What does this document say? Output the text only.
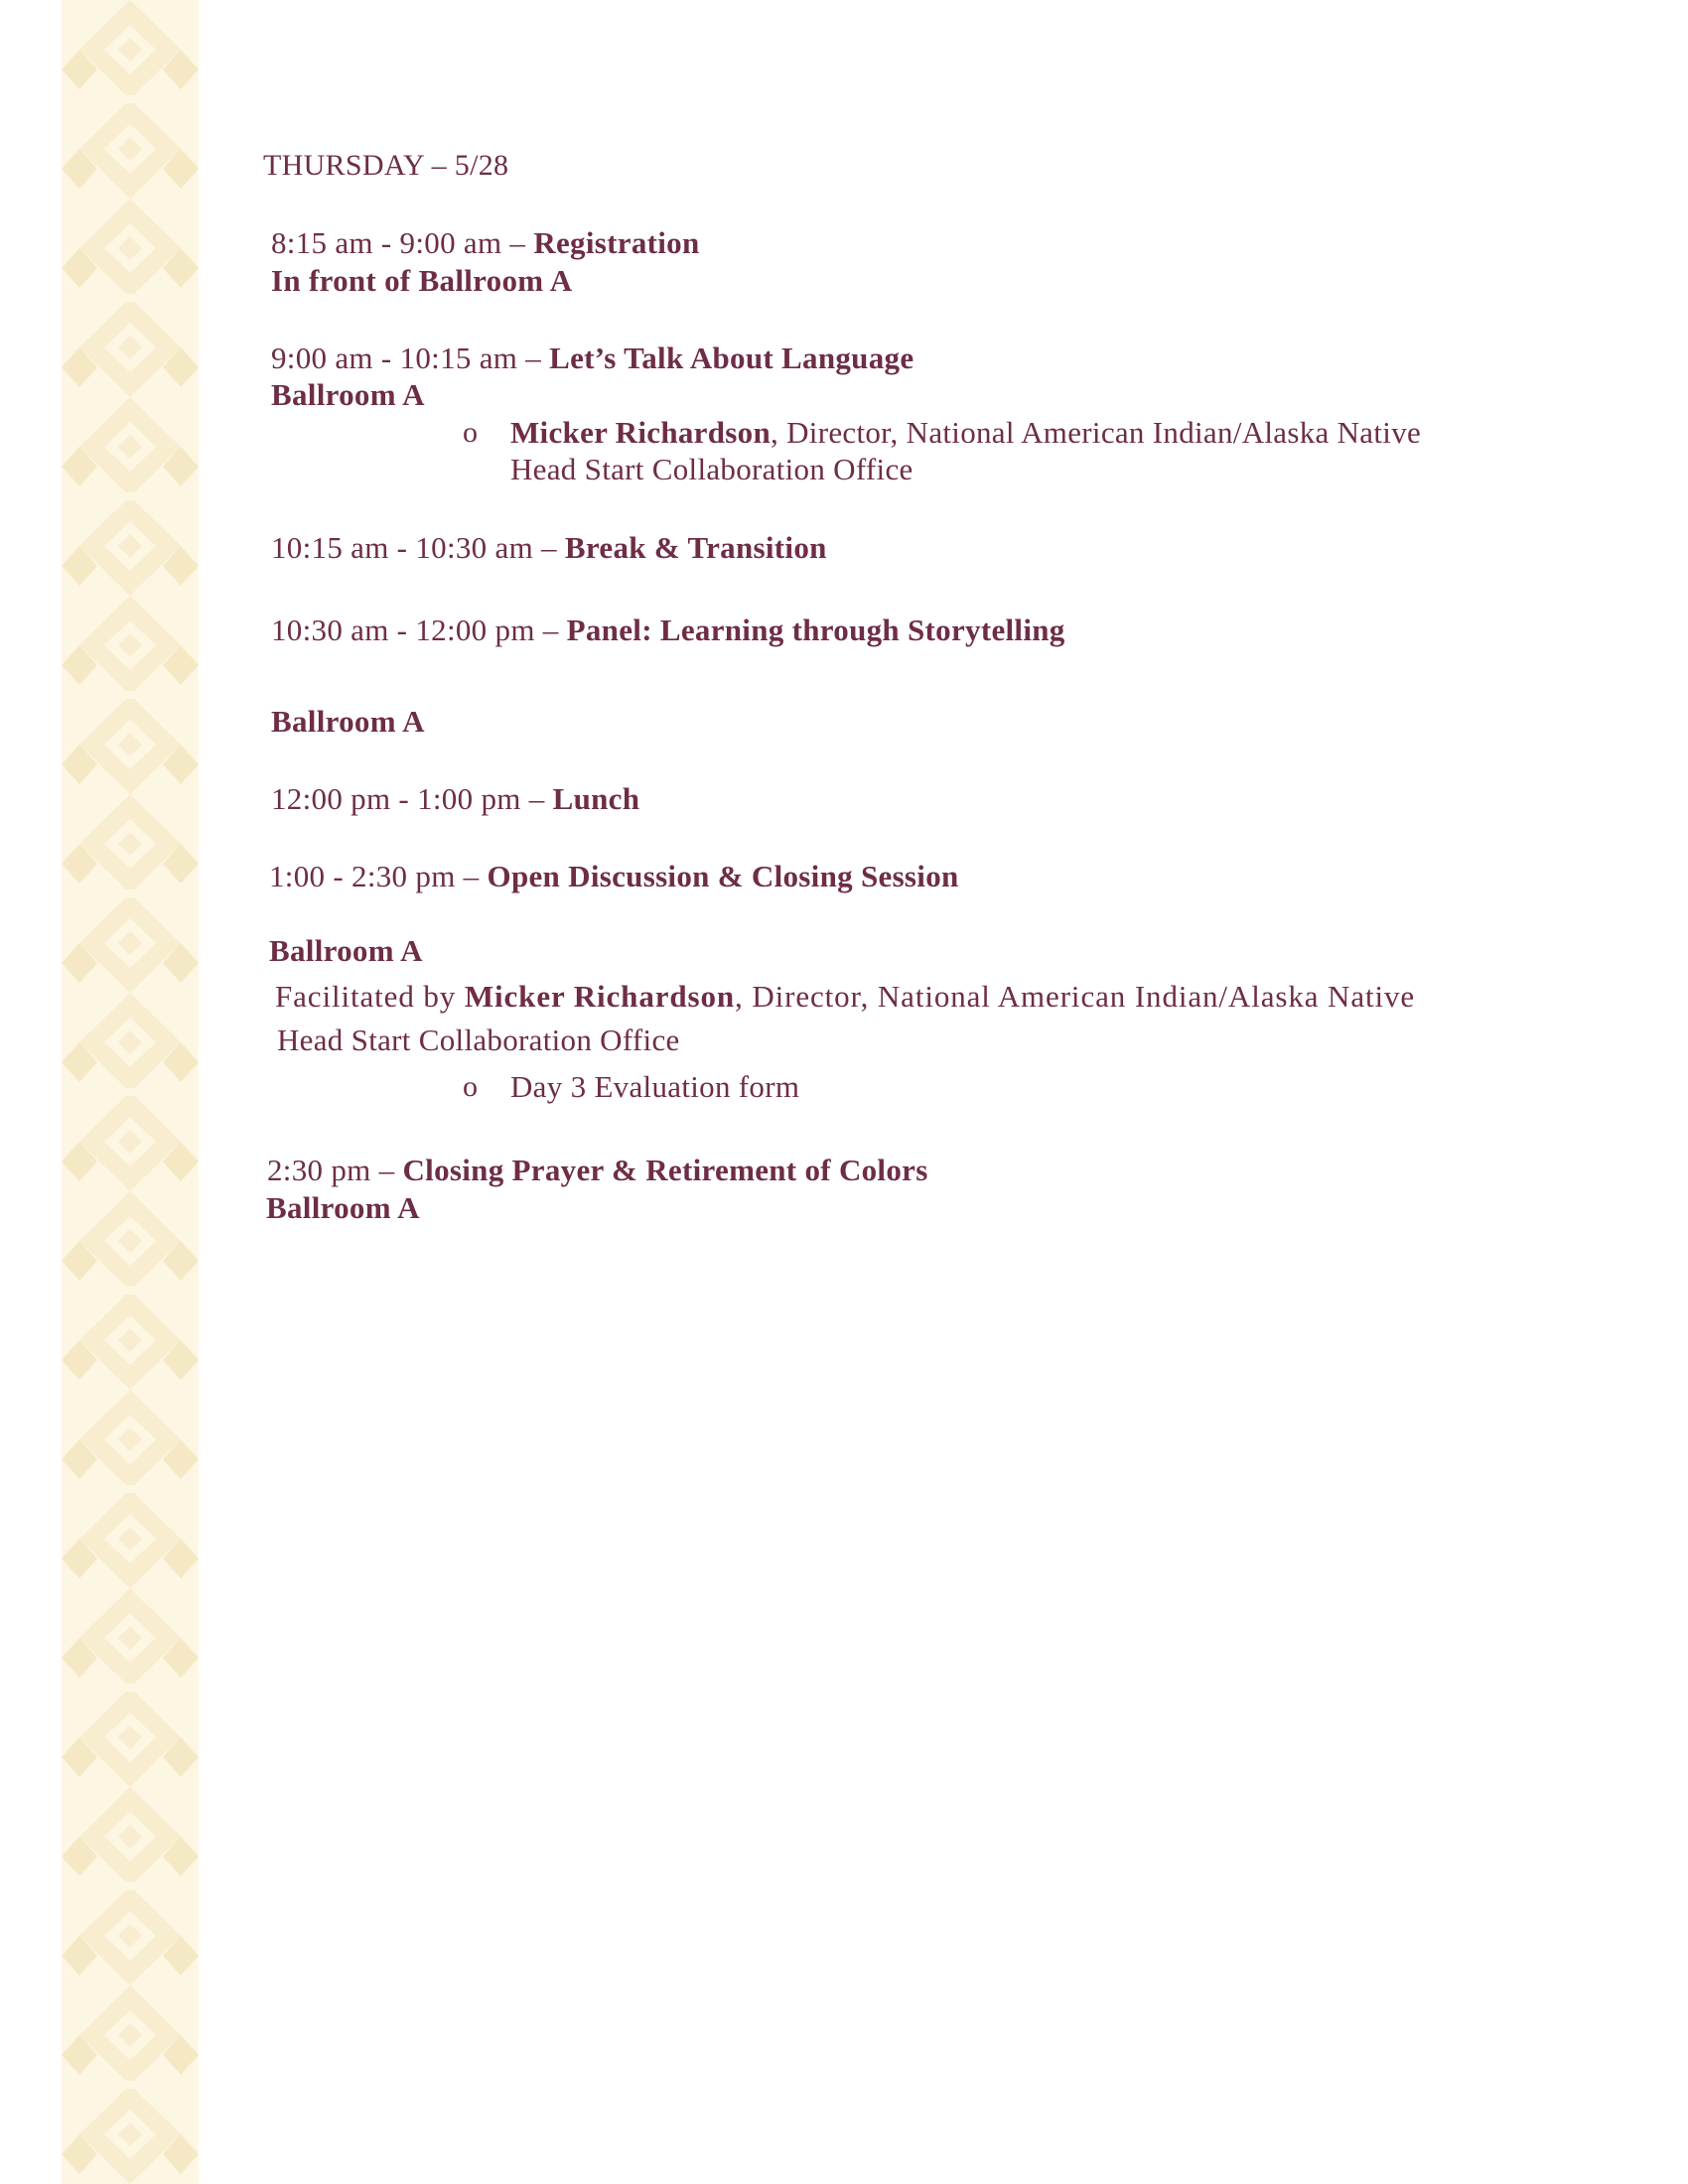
THURSDAY – 5/28
8:15 am - 9:00 am – Registration
In front of Ballroom A
9:00 am - 10:15 am – Let’s Talk About Language
Ballroom A
o Micker Richardson, Director, National American Indian/Alaska Native
Head Start Collaboration Office
10:15 am - 10:30 am – Break & Transition
10:30 am - 12:00 pm – Panel: Learning through Storytelling
Ballroom A
12:00 pm - 1:00 pm – Lunch
1:00 - 2:30 pm – Open Discussion & Closing Session
Ballroom A
Facilitated by Micker Richardson, Director, National American Indian/Alaska Native
Head Start Collaboration Office
o Day 3 Evaluation form
2:30 pm – Closing Prayer & Retirement of Colors
Ballroom A
